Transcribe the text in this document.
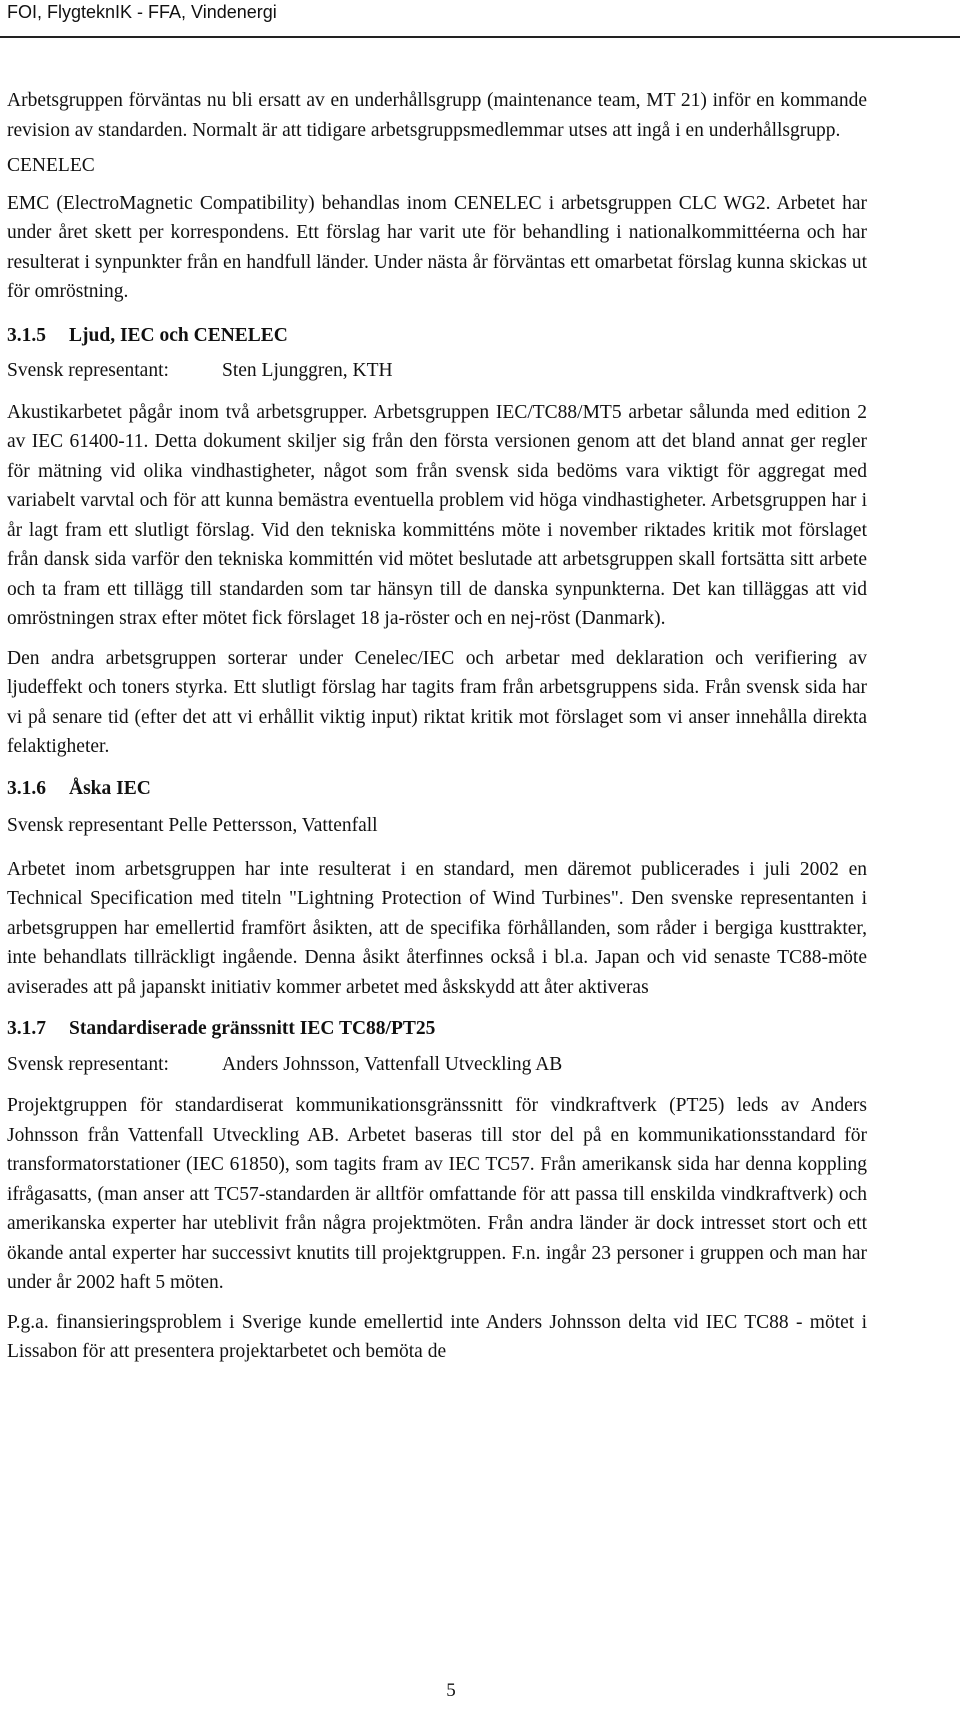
FOI, FlygteknIK - FFA, Vindenergi

Arbetsgruppen förväntas nu bli ersatt av en underhållsgrupp (maintenance team, MT 21) inför en kommande revision av standarden. Normalt är att tidigare arbetsgruppsmedlemmar utses att ingå i en underhållsgrupp.

CENELEC

EMC (ElectroMagnetic Compatibility) behandlas inom CENELEC i arbetsgruppen CLC WG2. Arbetet har under året skett per korrespondens. Ett förslag har varit ute för behandling i nationalkommittéerna och har resulterat i synpunkter från en handfull länder. Under nästa år förväntas ett omarbetat förslag kunna skickas ut för omröstning.

3.1.5 Ljud, IEC och CENELEC
Svensk representant:	Sten Ljunggren, KTH

Akustikarbetet pågår inom två arbetsgrupper. Arbetsgruppen IEC/TC88/MT5 arbetar sålunda med edition 2 av IEC 61400-11. Detta dokument skiljer sig från den första versionen genom att det bland annat ger regler för mätning vid olika vindhastigheter, något som från svensk sida bedöms vara viktigt för aggregat med variabelt varvtal och för att kunna bemästra eventuella problem vid höga vindhastigheter. Arbetsgruppen har i år lagt fram ett slutligt förslag. Vid den tekniska kommitténs möte i november riktades kritik mot förslaget från dansk sida varför den tekniska kommittén vid mötet beslutade att arbetsgruppen skall fortsätta sitt arbete och ta fram ett tillägg till standarden som tar hänsyn till de danska synpunkterna. Det kan tilläggas att vid omröstningen strax efter mötet fick förslaget 18 ja-röster och en nej-röst (Danmark).

Den andra arbetsgruppen sorterar under Cenelec/IEC och arbetar med deklaration och verifiering av ljudeffekt och toners styrka. Ett slutligt förslag har tagits fram från arbetsgruppens sida. Från svensk sida har vi på senare tid (efter det att vi erhållit viktig input) riktat kritik mot förslaget som vi anser innehålla direkta felaktigheter.

3.1.6 Åska IEC

Svensk representant Pelle Pettersson, Vattenfall

Arbetet inom arbetsgruppen har inte resulterat i en standard, men däremot publicerades i juli 2002 en Technical Specification med titeln "Lightning Protection of Wind Turbines". Den svenske representanten i arbetsgruppen har emellertid framfört åsikten, att de specifika förhållanden, som råder i bergiga kusttrakter, inte behandlats tillräckligt ingående. Denna åsikt återfinnes också i bl.a. Japan och vid senaste TC88-möte aviserades att på japanskt initiativ kommer arbetet med åskskydd att åter aktiveras

3.1.7 Standardiserade gränssnitt IEC TC88/PT25
Svensk representant:	Anders Johnsson, Vattenfall Utveckling AB

Projektgruppen för standardiserat kommunikationsgränssnitt för vindkraftverk (PT25) leds av Anders Johnsson från Vattenfall Utveckling AB. Arbetet baseras till stor del på en kommunikationsstandard för transformatorstationer (IEC 61850), som tagits fram av IEC TC57. Från amerikansk sida har denna koppling ifrågasatts, (man anser att TC57-standarden är alltför omfattande för att passa till enskilda vindkraftverk) och amerikanska experter har uteblivit från några projektmöten. Från andra länder är dock intresset stort och ett ökande antal experter har successivt knutits till projektgruppen. F.n. ingår 23 personer i gruppen och man har under år 2002 haft 5 möten.

P.g.a. finansieringsproblem i Sverige kunde emellertid inte Anders Johnsson delta vid IEC TC88 - mötet i Lissabon för att presentera projektarbetet och bemöta de

5
